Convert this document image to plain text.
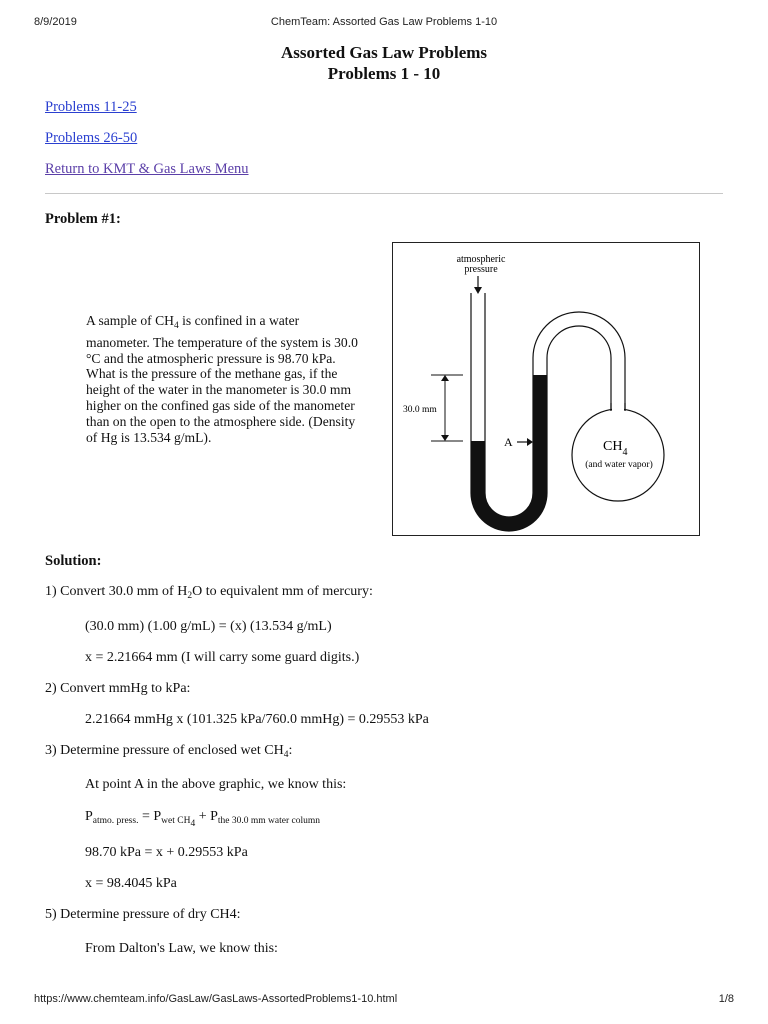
8/9/2019	ChemTeam: Assorted Gas Law Problems 1-10
Assorted Gas Law Problems
Problems 1 - 10
Problems 11-25
Problems 26-50
Return to KMT & Gas Laws Menu
Problem #1:
A sample of $CH_4$ is confined in a water manometer. The temperature of the system is 30.0 °C and the atmospheric pressure is 98.70 kPa. What is the pressure of the methane gas, if the height of the water in the manometer is 30.0 mm higher on the confined gas side of the manometer than on the open to the atmosphere side. (Density of Hg is 13.534 g/mL).
atmospheric
pressure
30.0 mm
A	$CH_4$
(and water vapor)
Solution:
1) Convert 30.0 mm of $H_2O$ to equivalent mm of mercury:
(30.0 mm) (1.00 g/mL) = (x) (13.534 g/mL)
x = 2.21664 mm (I will carry some guard digits.)
2) Convert mmHg to kPa:
2.21664 mmHg x (101.325 kPa/760.0 mmHg) = 0.29553 kPa
3) Determine pressure of enclosed wet $CH_4$:
At point A in the above graphic, we know this:
$P_{atmo. press.} = P_{wet CH_4} + P_{the 30.0 mm water column}$
98.70 kPa = x + 0.29553 kPa
x = 98.4045 kPa
5) Determine pressure of dry CH4:
From Dalton's Law, we know this:
https://www.chemteam.info/GasLaw/GasLaws-AssortedProblems1-10.html	1/8
